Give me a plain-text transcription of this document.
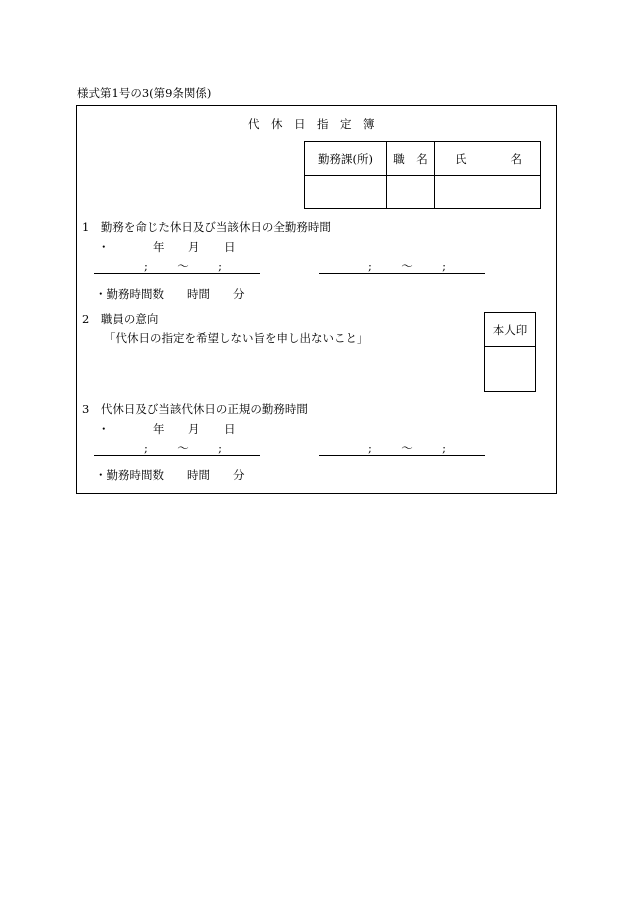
様式第1号の3(第9条関係)
代　休　日　指　定　簿
勤務課(所)	職　名	氏 名

1　勤務を命じた休日及び当該休日の全勤務時間
・	年 月 日
;	〜	;	;	〜	;
・勤務時間数　　時間　　分
2　職員の意向
「代休日の指定を希望しない旨を申し出ないこと」
本人印
3　代休日及び当該代休日の正規の勤務時間
・	年 月 日
;	〜	;	;	〜	;
・勤務時間数　　時間　　分
